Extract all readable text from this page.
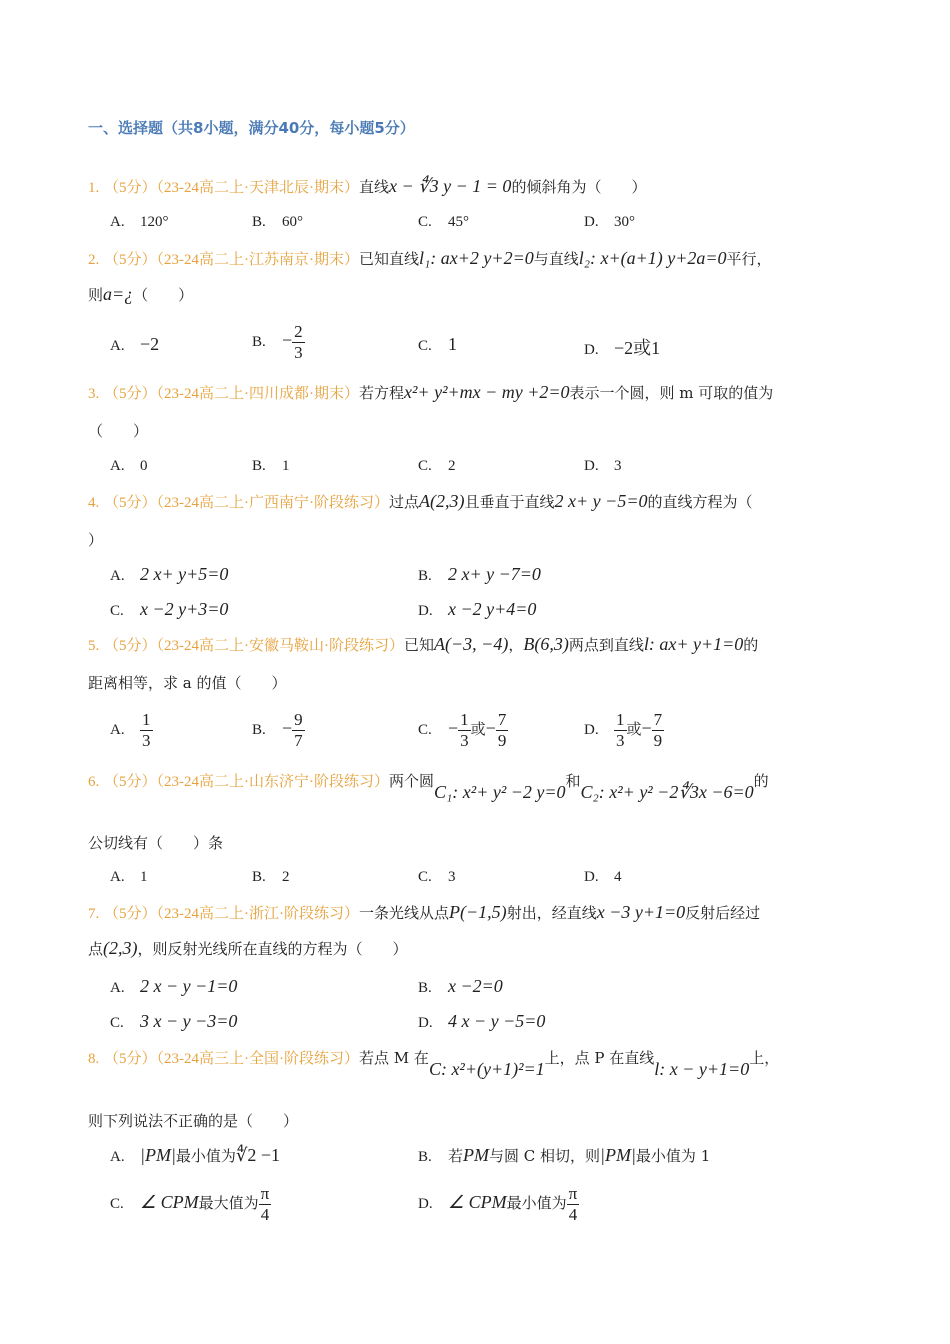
一、选择题（共8小题，满分40分，每小题5分）
1. （5分）（23-24高二上·天津北辰·期末）直线x − ∜3 y − 1 = 0的倾斜角为（　　）
A. 120°	B. 60°	C. 45°	D. 30°
2. （5分）（23-24高二上·江苏南京·期末）已知直线l₁: ax+2 y+2=0与直线l₂: x+(a+1) y+2a=0平行，
则a=¿（　　）
A. −2	B. − $\frac{2}{3}$	C. 1	D. −2或1
3. （5分）（23-24高二上·四川成都·期末）若方程x²+ y²+mx − my +2=0表示一个圆，则 m 可取的值为
（　　）
A. 0	B. 1	C. 2	D. 3
4. （5分）（23-24高二上·广西南宁·阶段练习）过点A(2,3)且垂直于直线2 x+ y −5=0的直线方程为（
）
A. 2 x+ y+5=0	B. 2 x+ y −7=0
C. x −2 y+3=0	D. x −2 y+4=0
5. （5分）（23-24高二上·安徽马鞍山·阶段练习）已知A(−3, −4)，B(6,3)两点到直线l: ax+ y+1=0的
距离相等，求 a 的值（　　）
A. $\frac{1}{3}$	B. − $\frac{9}{7}$	C. − $\frac{1}{3}$ 或− $\frac{7}{9}$	D. $\frac{1}{3}$ 或− $\frac{7}{9}$
6. （5分）（23-24高二上·山东济宁·阶段练习）两个圆C₁: x²+ y² −2 y=0和C₂: x²+ y² −2∜3x −6=0的
公切线有（　　）条
A. 1	B. 2	C. 3	D. 4
7. （5分）（23-24高二上·浙江·阶段练习）一条光线从点P(−1,5)射出，经直线x −3 y+1=0反射后经过
点(2,3)，则反射光线所在直线的方程为（　　）
A. 2 x − y −1=0	B. x −2=0
C. 3 x − y −3=0	D. 4 x − y −5=0
8. （5分）（23-24高三上·全国·阶段练习）若点 M 在C: x²+(y+1)²=1上，点 P 在直线l: x − y+1=0上，
则下列说法不正确的是（　　）
A. |PM|最小值为∜2 −1	B. 若PM与圆 C 相切，则|PM|最小值为 1
C. ∠ CPM最大值为 $\frac{\pi}{4}$	D. ∠ CPM最小值为 $\frac{\pi}{4}$
